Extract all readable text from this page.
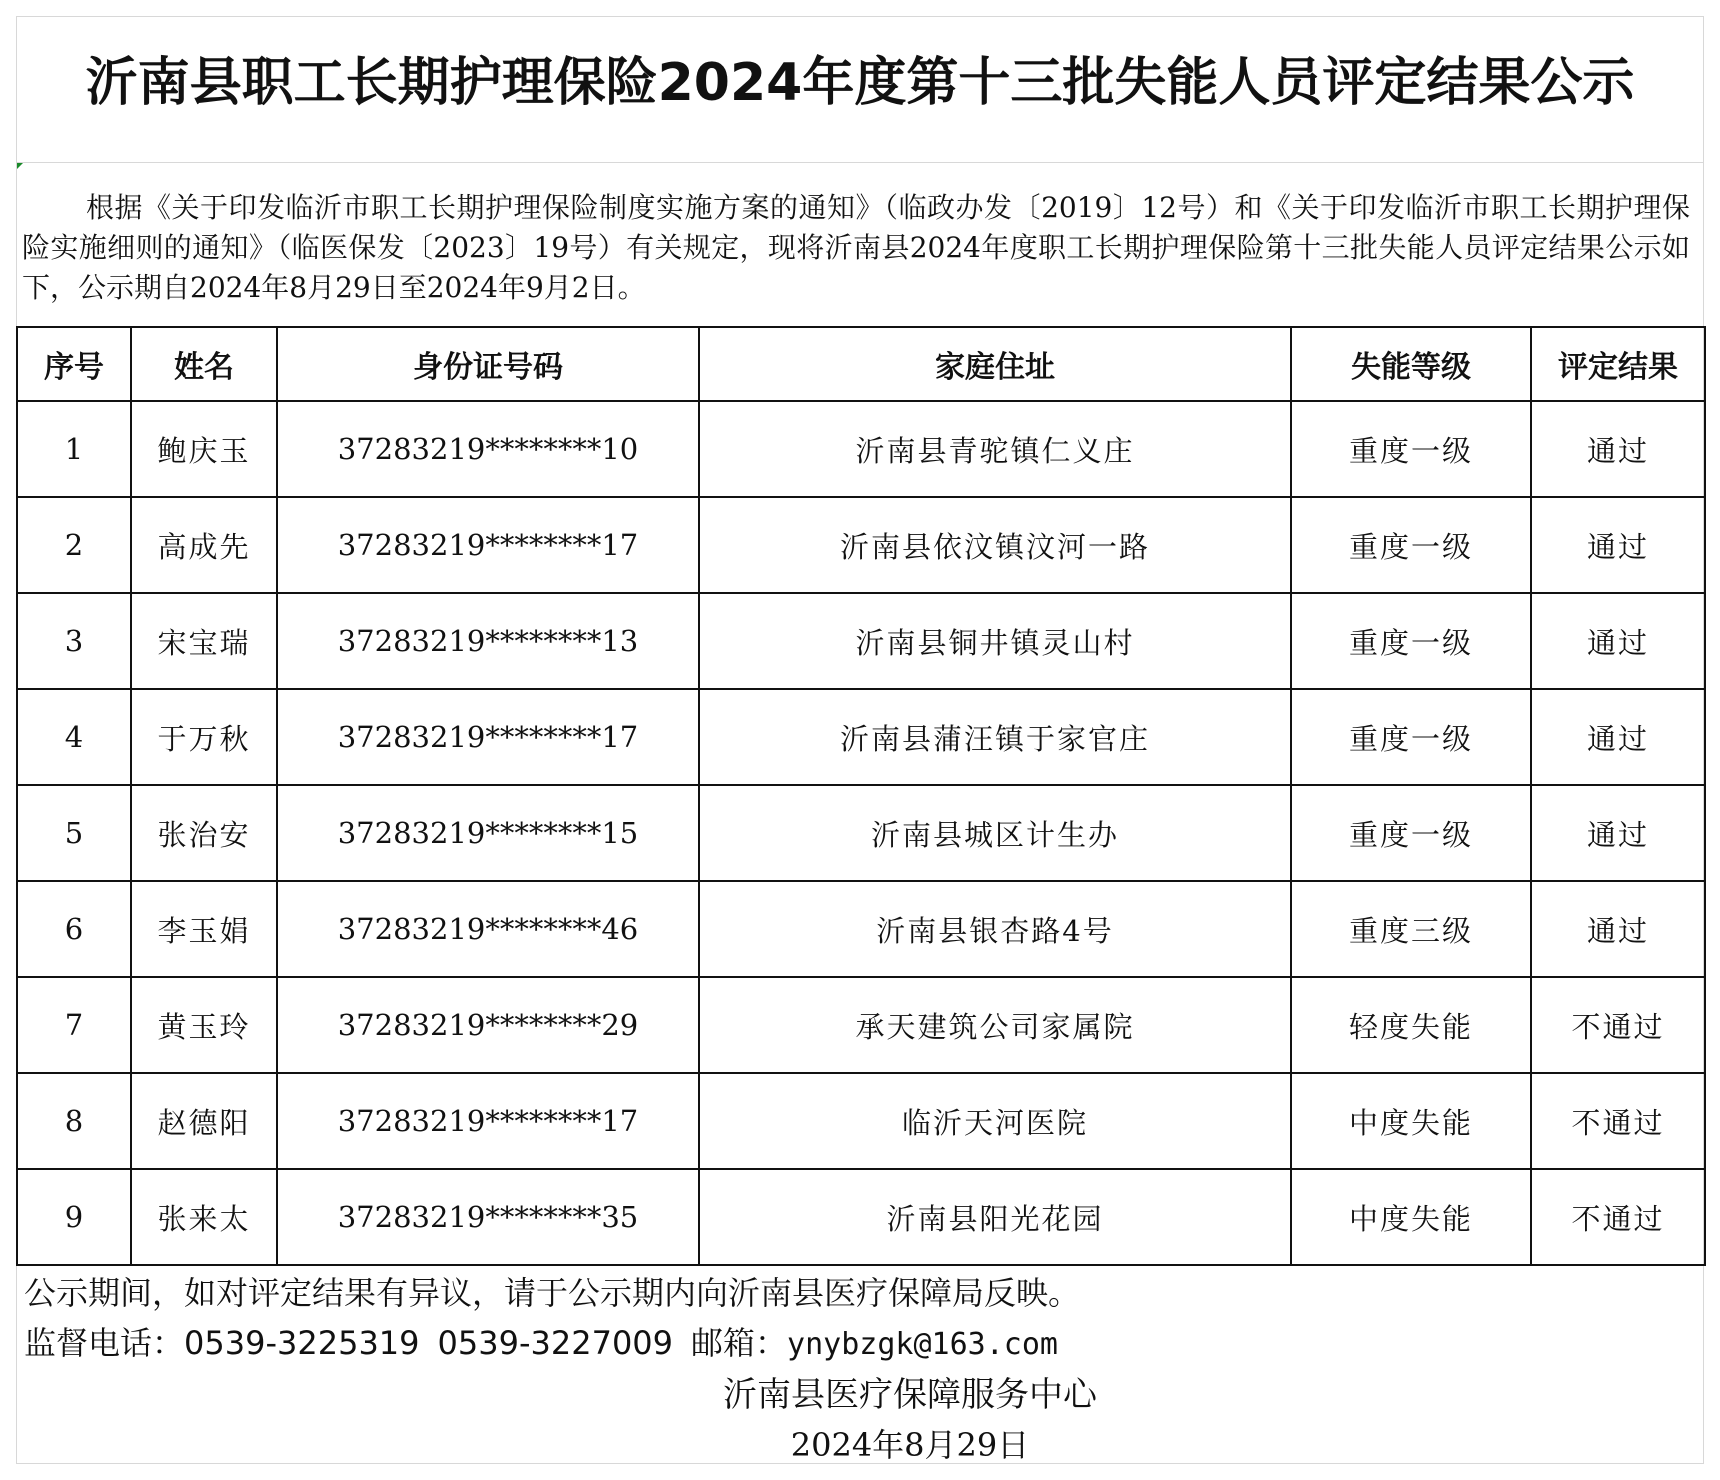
沂南县职工长期护理保险2024年度第十三批失能人员评定结果公示
根据《关于印发临沂市职工长期护理保险制度实施方案的通知》（临政办发〔2019〕12号）和《关于印发临沂市职工长期护理保险实施细则的通知》（临医保发〔2023〕19号）有关规定，现将沂南县2024年度职工长期护理保险第十三批失能人员评定结果公示如下，公示期自2024年8月29日至2024年9月2日。
序号	姓名	身份证号码	家庭住址	失能等级	评定结果
1	鲍庆玉	37283219********10	沂南县青驼镇仁义庄	重度一级	通过
2	高成先	37283219********17	沂南县依汶镇汶河一路	重度一级	通过
3	宋宝瑞	37283219********13	沂南县铜井镇灵山村	重度一级	通过
4	于万秋	37283219********17	沂南县蒲汪镇于家官庄	重度一级	通过
5	张治安	37283219********15	沂南县城区计生办	重度一级	通过
6	李玉娟	37283219********46	沂南县银杏路4号	重度三级	通过
7	黄玉玲	37283219********29	承天建筑公司家属院	轻度失能	不通过
8	赵德阳	37283219********17	临沂天河医院	中度失能	不通过
9	张来太	37283219********35	沂南县阳光花园	中度失能	不通过
公示期间，如对评定结果有异议，请于公示期内向沂南县医疗保障局反映。
监督电话：0539-3225319 0539-3227009 邮箱：ynybzgk@163.com
沂南县医疗保障服务中心
2024年8月29日
